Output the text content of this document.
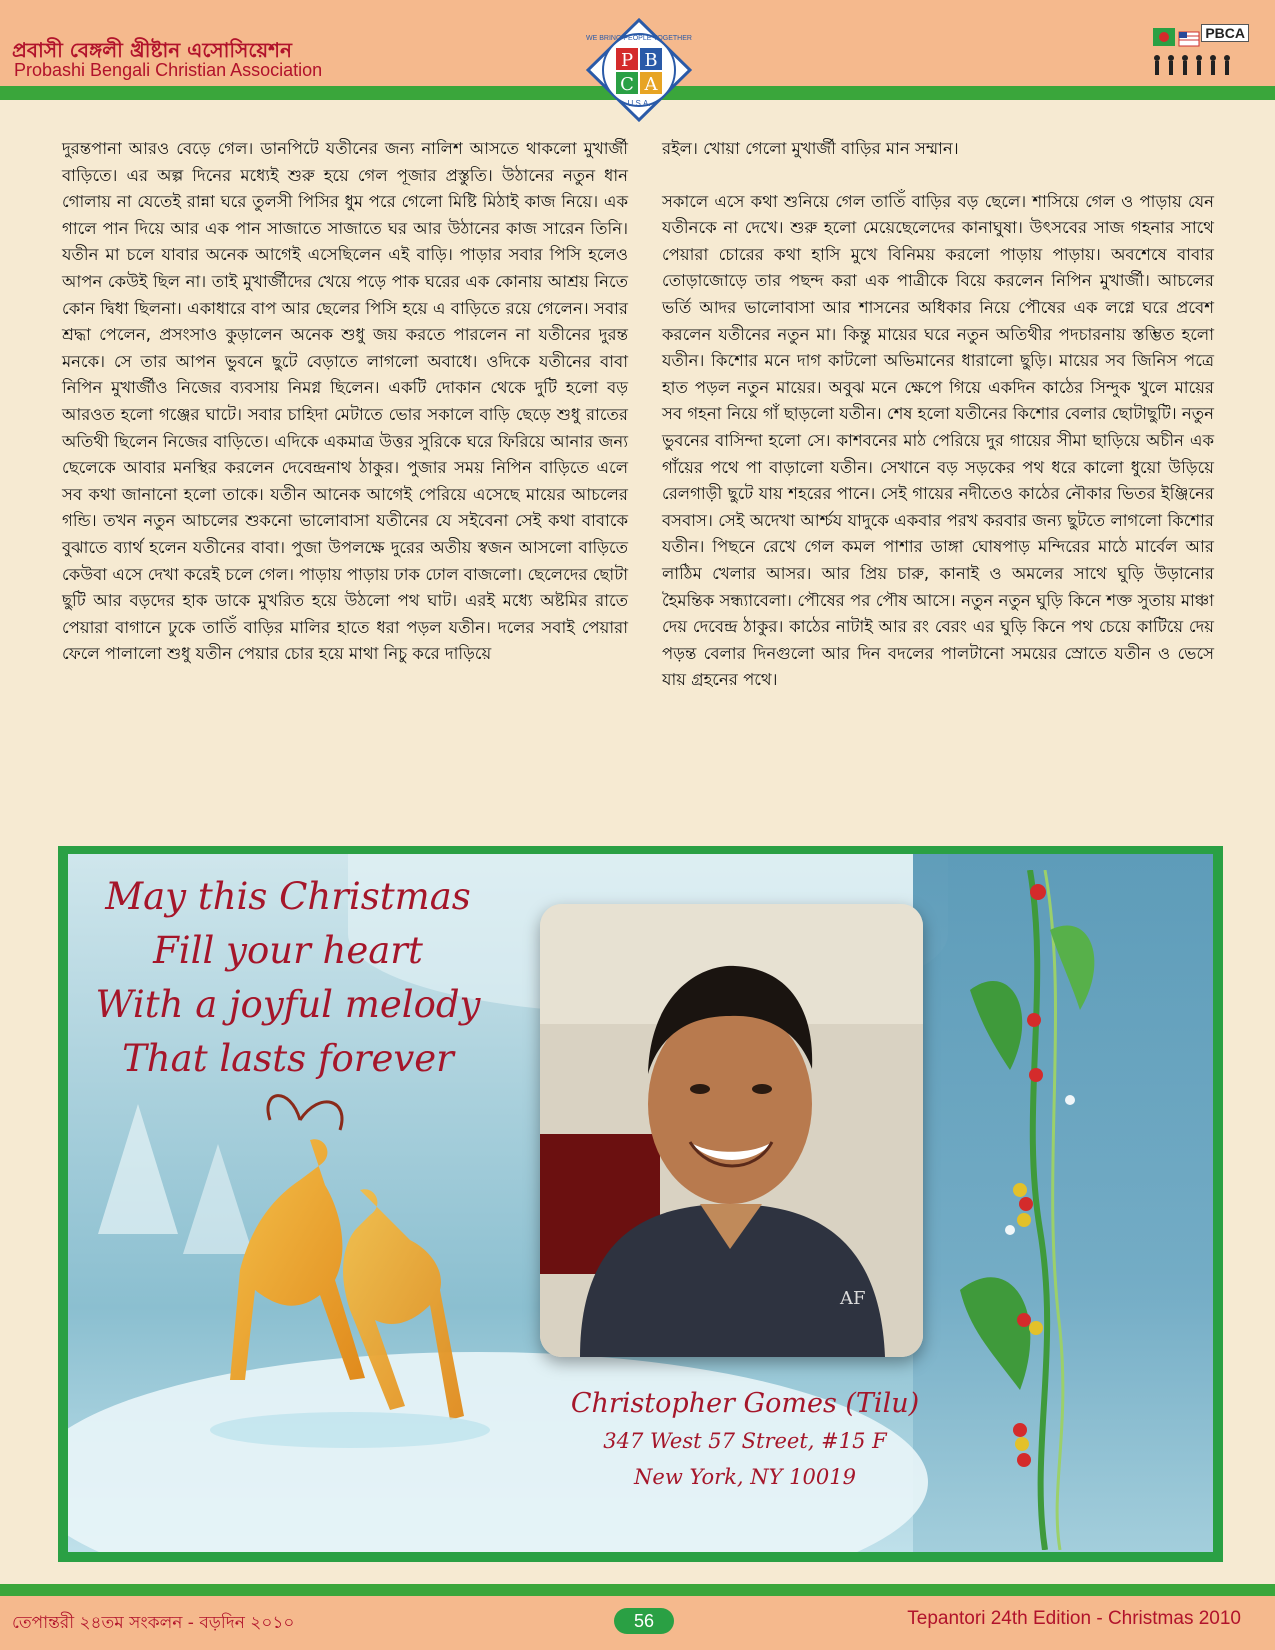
প্রবাসী বেঙ্গলী খ্রীষ্টান এসোসিয়েশন
Probashi Bengali Christian Association	P B
C A
WE BRING PEOPLE TOGETHER
U.S.A.
PBCA

দুরন্তপানা আরও বেড়ে গেল। ডানপিটে যতীনের জন্য নালিশ আসতে থাকলো মুখার্জী বাড়িতে। এর অল্প দিনের মধ্যেই শুরু হয়ে গেল পূজার প্রস্তুতি। উঠানের নতুন ধান গোলায় না যেতেই রান্না ঘরে তুলসী পিসির ধুম পরে গেলো মিষ্টি মিঠাই কাজ নিয়ে। এক গালে পান দিয়ে আর এক পান সাজাতে সাজাতে ঘর আর উঠানের কাজ সারেন তিনি। যতীন মা চলে যাবার অনেক আগেই এসেছিলেন এই বাড়ি। পাড়ার সবার পিসি হলেও আপন কেউই ছিল না। তাই মুখার্জীদের খেয়ে পড়ে পাক ঘরের এক কোনায় আশ্রয় নিতে কোন দ্বিধা ছিলনা। একাধারে বাপ আর ছেলের পিসি হয়ে এ বাড়িতে রয়ে গেলেন। সবার শ্রদ্ধা পেলেন, প্রসংসাও কুড়ালেন অনেক শুধু জয় করতে পারলেন না যতীনের দুরন্ত মনকে। সে তার আপন ভুবনে ছুটে বেড়াতে লাগলো অবাধে। ওদিকে যতীনের বাবা নিপিন মুখার্জীও নিজের ব্যবসায় নিমগ্ন ছিলেন। একটি দোকান থেকে দুটি হলো বড় আরওত হলো গঞ্জের ঘাটে। সবার চাহিদা মেটাতে ভোর সকালে বাড়ি ছেড়ে শুধু রাতের অতিথী ছিলেন নিজের বাড়িতে। এদিকে একমাত্র উত্তর সুরিকে ঘরে ফিরিয়ে আনার জন্য ছেলেকে আবার মনস্থির করলেন দেবেন্দ্রনাথ ঠাকুর। পুজার সময় নিপিন বাড়িতে এলে সব কথা জানানো হলো তাকে। যতীন আনেক আগেই পেরিয়ে এসেছে মায়ের আচলের গন্ডি। তখন নতুন আচলের শুকনো ভালোবাসা যতীনের যে সইবেনা সেই কথা বাবাকে বুঝাতে ব্যার্থ হলেন যতীনের বাবা। পুজা উপলক্ষে দুরের অতীয় স্বজন আসলো বাড়িতে কেউবা এসে দেখা করেই চলে গেল। পাড়ায় পাড়ায় ঢাক ঢোল বাজলো। ছেলেদের ছোটা ছুটি আর বড়দের হাক ডাকে মুখরিত হয়ে উঠলো পথ ঘাট। এরই মধ্যে অষ্টমির রাতে পেয়ারা বাগানে ঢুকে তাতিঁ বাড়ির মালির হাতে ধরা পড়ল যতীন। দলের সবাই পেয়ারা ফেলে পালালো শুধু যতীন পেয়ার চোর হয়ে মাথা নিচু করে দাড়িয়ে

রইল। খোয়া গেলো মুখার্জী বাড়ির মান সম্মান।

সকালে এসে কথা শুনিয়ে গেল তাতিঁ বাড়ির বড় ছেলে। শাসিয়ে গেল ও পাড়ায় যেন যতীনকে না দেখে। শুরু হলো মেয়েছেলেদের কানাঘুষা। উৎসবের সাজ গহনার সাথে পেয়ারা চোরের কথা হাসি মুখে বিনিময় করলো পাড়ায় পাড়ায়। অবশেষে বাবার তোড়াজোড়ে তার পছন্দ করা এক পাত্রীকে বিয়ে করলেন নিপিন মুখার্জী। আচলের ভর্তি আদর ভালোবাসা আর শাসনের অধিকার নিয়ে পৌষের এক লগ্নে ঘরে প্রবেশ করলেন যতীনের নতুন মা। কিন্তু মায়ের ঘরে নতুন অতিথীর পদচারনায় স্তম্ভিত হলো যতীন। কিশোর মনে দাগ কাটলো অভিমানের ধারালো ছুড়ি। মায়ের সব জিনিস পত্রে হাত পড়ল নতুন মায়ের। অবুঝ মনে ক্ষেপে গিয়ে একদিন কাঠের সিন্দুক খুলে মায়ের সব গহনা নিয়ে গাঁ ছাড়লো যতীন। শেষ হলো যতীনের কিশোর বেলার ছোটাছুটি। নতুন ভুবনের বাসিন্দা হলো সে। কাশবনের মাঠ পেরিয়ে দুর গায়ের সীমা ছাড়িয়ে অচীন এক গাঁয়ের পথে পা বাড়ালো যতীন। সেখানে বড় সড়কের পথ ধরে কালো ধুয়ো উড়িয়ে রেলগাড়ী ছুটে যায় শহরের পানে। সেই গায়ের নদীতেও কাঠের নৌকার ভিতর ইঞ্জিনের বসবাস। সেই অদেখা আর্শ্চয যাদুকে একবার পরখ করবার জন্য ছুটতে লাগলো কিশোর যতীন। পিছনে রেখে গেল কমল পাশার ডাঙ্গা ঘোষপাড় মন্দিরের মাঠে মার্বেল আর লাঠিম খেলার আসর। আর প্রিয় চারু, কানাই ও অমলের সাথে ঘুড়ি উড়ানোর হৈমন্তিক সন্ধ্যাবেলা। পৌষের পর পৌষ আসে। নতুন নতুন ঘুড়ি কিনে শক্ত সুতায় মাঞ্চা দেয় দেবেন্দ্র ঠাকুর। কাঠের নাটাই আর রং বেরং এর ঘুড়ি কিনে পথ চেয়ে কাটিয়ে দেয় পড়ন্ত বেলার দিনগুলো আর দিন বদলের পালটানো সময়ের স্রোতে যতীন ও ভেসে যায় গ্রহনের পথে।

May this Christmas
Fill your heart
With a joyful melody
That lasts forever
AF
Christopher Gomes (Tilu)
347 West 57 Street, #15 F
New York, NY 10019
তেপান্তরী ২৪তম সংকলন - বড়দিন ২০১০	56	Tepantori 24th Edition - Christmas 2010
